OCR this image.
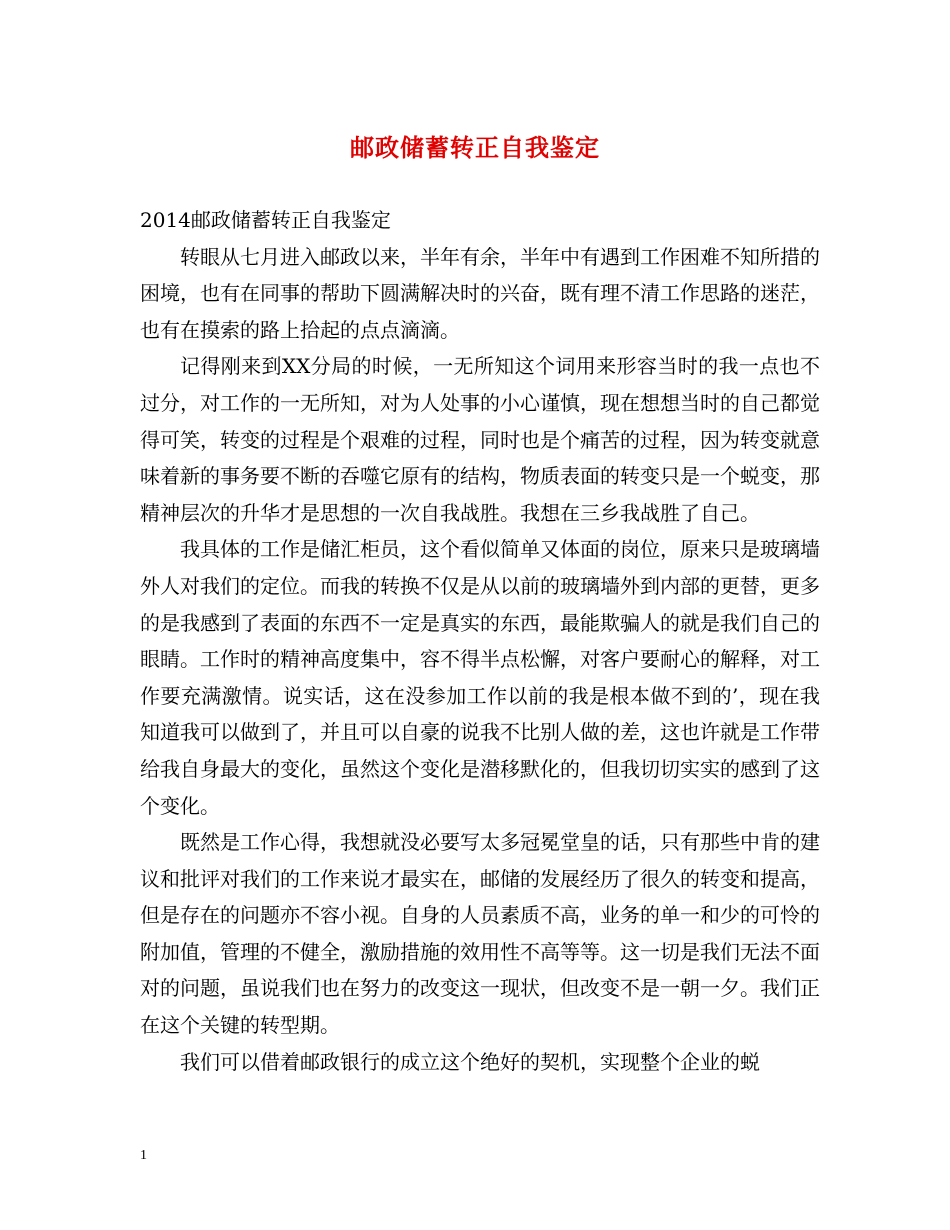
邮政储蓄转正自我鉴定

2014邮政储蓄转正自我鉴定

转眼从七月进入邮政以来，半年有余，半年中有遇到工作困难不知所措的困境，也有在同事的帮助下圆满解决时的兴奋，既有理不清工作思路的迷茫，也有在摸索的路上拾起的点点滴滴。

记得刚来到XX分局的时候，一无所知这个词用来形容当时的我一点也不过分，对工作的一无所知，对为人处事的小心谨慎，现在想想当时的自己都觉得可笑，转变的过程是个艰难的过程，同时也是个痛苦的过程，因为转变就意味着新的事务要不断的吞噬它原有的结构，物质表面的转变只是一个蜕变，那精神层次的升华才是思想的一次自我战胜。我想在三乡我战胜了自己。

我具体的工作是储汇柜员，这个看似简单又体面的岗位，原来只是玻璃墙外人对我们的定位。而我的转换不仅是从以前的玻璃墙外到内部的更替，更多的是我感到了表面的东西不一定是真实的东西，最能欺骗人的就是我们自己的眼睛。工作时的精神高度集中，容不得半点松懈，对客户要耐心的解释，对工作要充满激情。说实话，这在没参加工作以前的我是根本做不到的’，现在我知道我可以做到了，并且可以自豪的说我不比别人做的差，这也许就是工作带给我自身最大的变化，虽然这个变化是潜移默化的，但我切切实实的感到了这个变化。

既然是工作心得，我想就没必要写太多冠冕堂皇的话，只有那些中肯的建议和批评对我们的工作来说才最实在，邮储的发展经历了很久的转变和提高，但是存在的问题亦不容小视。自身的人员素质不高，业务的单一和少的可怜的附加值，管理的不健全，激励措施的效用性不高等等。这一切是我们无法不面对的问题，虽说我们也在努力的改变这一现状，但改变不是一朝一夕。我们正在这个关键的转型期。

我们可以借着邮政银行的成立这个绝好的契机，实现整个企业的蜕

1
